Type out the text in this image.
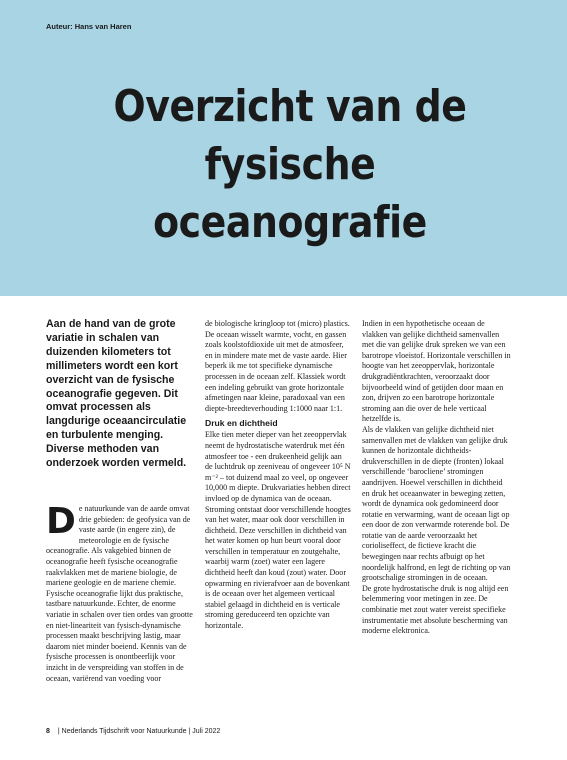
Auteur: Hans van Haren
Overzicht van de
fysische oceanografie
Aan de hand van de grote variatie in schalen van duizenden kilometers tot millimeters wordt een kort overzicht van de fysische oceanografie gegeven. Dit omvat processen als langdurige oceaancirculatie en turbulente menging. Diverse methoden van onderzoek worden vermeld.

D e natuurkunde van de aarde omvat drie gebieden: de geofysica van de vaste aarde (in engere zin), de meteorologie en de fysische oceanografie. Als vakgebied binnen de oceanografie heeft fysische oceanografie raakvlakken met de mariene biologie, de mariene geologie en de mariene chemie. Fysische oceanografie lijkt dus praktische, tastbare natuurkunde. Echter, de enorme variatie in schalen over tien ordes van grootte en niet-lineariteit van fysisch-dynamische processen maakt beschrijving lastig, maar daarom niet minder boeiend. Kennis van de fysische processen is onontbeerlijk voor inzicht in de verspreiding van stoffen in de oceaan, variërend van voeding voor

de biologische kringloop tot (micro) plastics. De oceaan wisselt warmte, vocht, en gassen zoals koolstofdioxide uit met de atmosfeer, en in mindere mate met de vaste aarde. Hier beperk ik me tot specifieke dynamische processen in de oceaan zelf. Klassiek wordt een indeling gebruikt van grote horizontale afmetingen naar kleine, paradoxaal van een diepte-breedteverhouding 1:1000 naar 1:1.

Druk en dichtheid

Elke tien meter dieper van het zeeoppervlak neemt de hydrostatische waterdruk met één atmosfeer toe - een drukeenheid gelijk aan de luchtdruk op zeeniveau of ongeveer 10⁵ N m⁻² – tot duizend maal zo veel, op ongeveer 10,000 m diepte. Drukvariaties hebben direct invloed op de dynamica van de oceaan. Stroming ontstaat door verschillende hoogtes van het water, maar ook door verschillen in dichtheid. Deze verschillen in dichtheid van het water komen op hun beurt vooral door verschillen in temperatuur en zoutgehalte, waarbij warm (zoet) water een lagere dichtheid heeft dan koud (zout) water. Door opwarming en rivierafvoer aan de bovenkant is de oceaan over het algemeen verticaal stabiel gelaagd in dichtheid en is verticale stroming gereduceerd ten opzichte van horizontale.

Indien in een hypothetische oceaan de vlakken van gelijke dichtheid samenvallen met die van gelijke druk spreken we van een barotrope vloeistof. Horizontale verschillen in hoogte van het zeeoppervlak, horizontale drukgradiëntkrachten, veroorzaakt door bijvoorbeeld wind of getijden door maan en zon, drijven zo een barotrope horizontale stroming aan die over de hele verticaal hetzelfde is.

Als de vlakken van gelijke dichtheid niet samenvallen met de vlakken van gelijke druk kunnen de horizontale dichtheids-drukverschillen in de diepte (fronten) lokaal verschillende ‘barocliene’ stromingen aandrijven. Hoewel verschillen in dichtheid en druk het oceaanwater in beweging zetten, wordt de dynamica ook gedomineerd door rotatie en verwarming, want de oceaan ligt op een door de zon verwarmde roterende bol. De rotatie van de aarde veroorzaakt het corioliseffect, de fictieve kracht die bewegingen naar rechts afbuigt op het noordelijk halfrond, en legt de richting op van grootschalige stromingen in de oceaan.

De grote hydrostatische druk is nog altijd een belemmering voor metingen in zee. De combinatie met zout water vereist specifieke instrumentatie met absolute bescherming van moderne elektronica.

8 | Nederlands Tijdschrift voor Natuurkunde | Juli 2022
